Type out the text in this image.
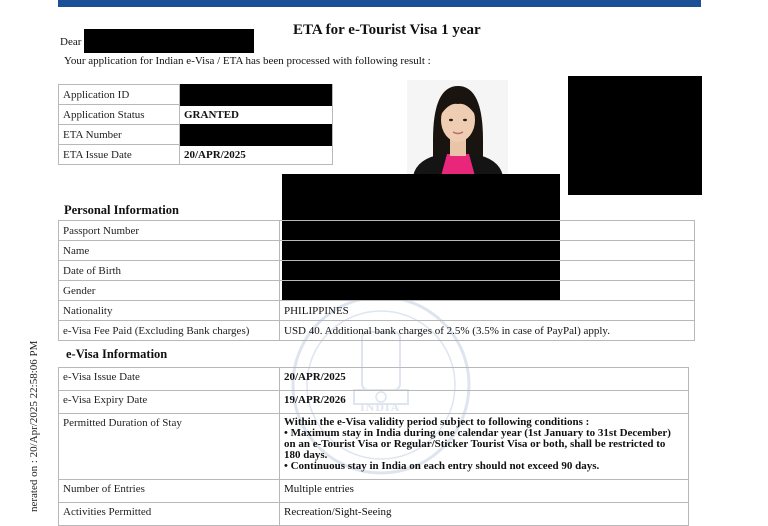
ETA for e-Tourist Visa 1 year
Dear
Your application for Indian e-Visa / ETA has been processed with following result :
Application ID	
Application Status	GRANTED
ETA Number	
ETA Issue Date	20/APR/2025
INDIA
Personal Information
Passport Number	
Name	
Date of Birth	
Gender	
Nationality	PHILIPPINES
e-Visa Fee Paid (Excluding Bank charges)	USD 40. Additional bank charges of 2.5% (3.5% in case of PayPal) apply.
e-Visa Information
e-Visa Issue Date	20/APR/2025
e-Visa Expiry Date	19/APR/2026
Permitted Duration of Stay	Within the e-Visa validity period subject to following conditions :
• Maximum stay in India during one calendar year (1st January to 31st December)
on an e-Tourist Visa or Regular/Sticker Tourist Visa or both, shall be restricted to
180 days.
• Continuous stay in India on each entry should not exceed 90 days.

Number of Entries	Multiple entries
Activities Permitted	Recreation/Sight-Seeing
nerated on : 20/Apr/2025 22:58:06 PM
